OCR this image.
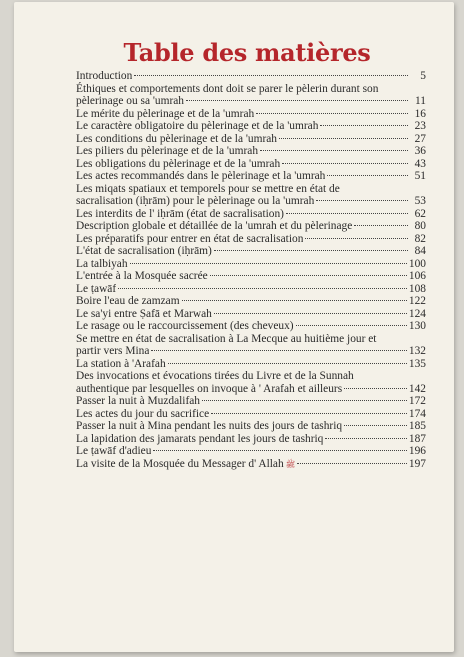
Table des matières
Introduction	5
Éthiques et comportements dont doit se parer le pèlerin durant son
pèlerinage ou sa 'umrah	11
Le mérite du pèlerinage et de la 'umrah	16
Le caractère obligatoire du pèlerinage et de la 'umrah	23
Les conditions du pèlerinage et de la 'umrah	27
Les piliers du pèlerinage et de la 'umrah	36
Les obligations du pèlerinage et de la 'umrah	43
Les actes recommandés dans le pèlerinage et la 'umrah	51
Les miqats spatiaux et temporels pour se mettre en état de
sacralisation (iḥrām) pour le pèlerinage ou la 'umrah	53
Les interdits de l' iḥrām (état de sacralisation)	62
Description globale et détaillée de la 'umrah et du pèlerinage	80
Les préparatifs pour entrer en état de sacralisation	82
L'état de sacralisation (iḥrām)	84
La talbiyah	100
L'entrée à la Mosquée sacrée	106
Le ṭawāf	108
Boire l'eau de zamzam	122
Le sa'yi entre Ṣafā et Marwah	124
Le rasage ou le raccourcissement (des cheveux)	130
Se mettre en état de sacralisation à La Mecque au huitième jour et
partir vers Mina	132
La station à 'Arafah	135
Des invocations et évocations tirées du Livre et de la Sunnah
authentique par lesquelles on invoque à ' Arafah et ailleurs	142
Passer la nuit à Muzdalifah	172
Les actes du jour du sacrifice	174
Passer la nuit à Mina pendant les nuits des jours de tashriq	185
La lapidation des jamarats pendant les jours de tashriq	187
Le ṭawāf d'adieu	196
La visite de la Mosquée du Messager d' Allah ﷺ	197
